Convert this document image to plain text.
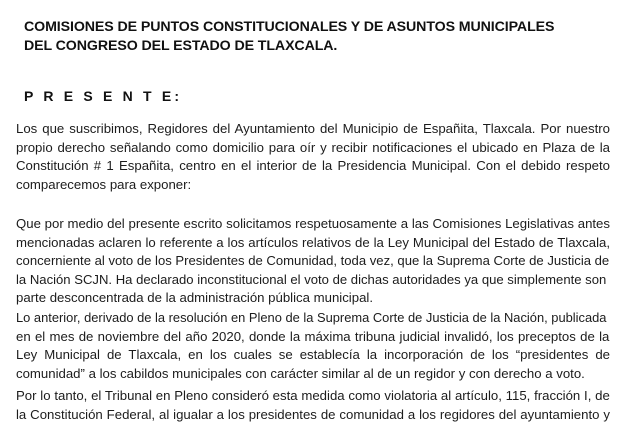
COMISIONES DE PUNTOS CONSTITUCIONALES Y DE ASUNTOS MUNICIPALES
DEL CONGRESO DEL ESTADO DE TLAXCALA.
P R E S E N T E:
Los que suscribimos, Regidores del Ayuntamiento del Municipio de Españita, Tlaxcala. Por nuestro
propio derecho señalando como domicilio para oír y recibir notificaciones el ubicado en Plaza de la
Constitución # 1 Españita, centro en el interior de la Presidencia Municipal. Con el debido respeto
comparecemos para exponer:
Que por medio del presente escrito solicitamos respetuosamente a las Comisiones Legislativas antes
mencionadas aclaren lo referente a los artículos relativos de la Ley Municipal del Estado de Tlaxcala,
concerniente al voto de los Presidentes de Comunidad, toda vez, que la Suprema Corte de Justicia de
la Nación SCJN. Ha declarado inconstitucional el voto de dichas autoridades ya que simplemente son
parte desconcentrada de la administración pública municipal.
Lo anterior, derivado de la resolución en Pleno de la Suprema Corte de Justicia de la Nación, publicada
en el mes de noviembre del año 2020, donde la máxima tribuna judicial invalidó, los preceptos de la
Ley Municipal de Tlaxcala, en los cuales se establecía la incorporación de los “presidentes de
comunidad” a los cabildos municipales con carácter similar al de un regidor y con derecho a voto.
Por lo tanto, el Tribunal en Pleno consideró esta medida como violatoria al artículo, 115, fracción I, de
la Constitución Federal, al igualar a los presidentes de comunidad a los regidores del ayuntamiento y
